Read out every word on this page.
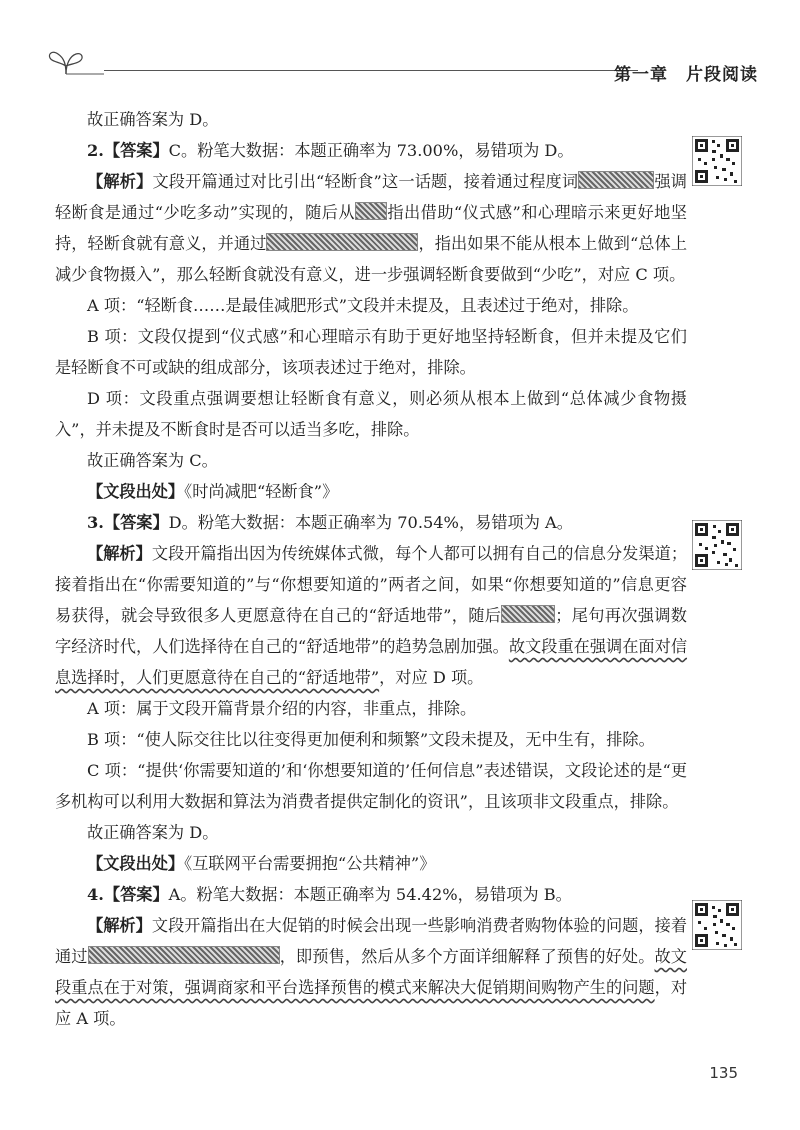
第一章　片段阅读

故正确答案为 D。

2.【答案】C。粉笔大数据：本题正确率为 73.00%，易错项为 D。

【解析】文段开篇通过对比引出“轻断食”这一话题，接着通过程度词	强调轻断食是通过“少吃多动”实现的，随后从 指出借助“仪式感”和心理暗示来更好地坚持，轻断食就有意义，并通过	，指出如果不能从根本上做到“总体上减少食物摄入”，那么轻断食就没有意义，进一步强调轻断食要做到“少吃”，对应 C 项。

A 项：“轻断食……是最佳减肥形式”文段并未提及，且表述过于绝对，排除。

B 项：文段仅提到“仪式感”和心理暗示有助于更好地坚持轻断食，但并未提及它们是轻断食不可或缺的组成部分，该项表述过于绝对，排除。

D 项：文段重点强调要想让轻断食有意义，则必须从根本上做到“总体减少食物摄入”，并未提及不断食时是否可以适当多吃，排除。

故正确答案为 C。

【文段出处】《时尚减肥“轻断食”》

3.【答案】D。粉笔大数据：本题正确率为 70.54%，易错项为 A。

【解析】文段开篇指出因为传统媒体式微，每个人都可以拥有自己的信息分发渠道；接着指出在“你需要知道的”与“你想要知道的”两者之间，如果“你想要知道的”信息更容易获得，就会导致很多人更愿意待在自己的“舒适地带”，随后	；尾句再次强调数字经济时代，人们选择待在自己的“舒适地带”的趋势急剧加强。故文段重在强调在面对信息选择时，人们更愿意待在自己的“舒适地带”，对应 D 项。

A 项：属于文段开篇背景介绍的内容，非重点，排除。

B 项：“使人际交往比以往变得更加便利和频繁”文段未提及，无中生有，排除。

C 项：“提供‘你需要知道的’和‘你想要知道的’任何信息”表述错误，文段论述的是“更多机构可以利用大数据和算法为消费者提供定制化的资讯”，且该项非文段重点，排除。

故正确答案为 D。

【文段出处】《互联网平台需要拥抱“公共精神”》

4.【答案】A。粉笔大数据：本题正确率为 54.42%，易错项为 B。

【解析】文段开篇指出在大促销的时候会出现一些影响消费者购物体验的问题，接着通过	，即预售，然后从多个方面详细解释了预售的好处。故文段重点在于对策，强调商家和平台选择预售的模式来解决大促销期间购物产生的问题，对应 A 项。

135
